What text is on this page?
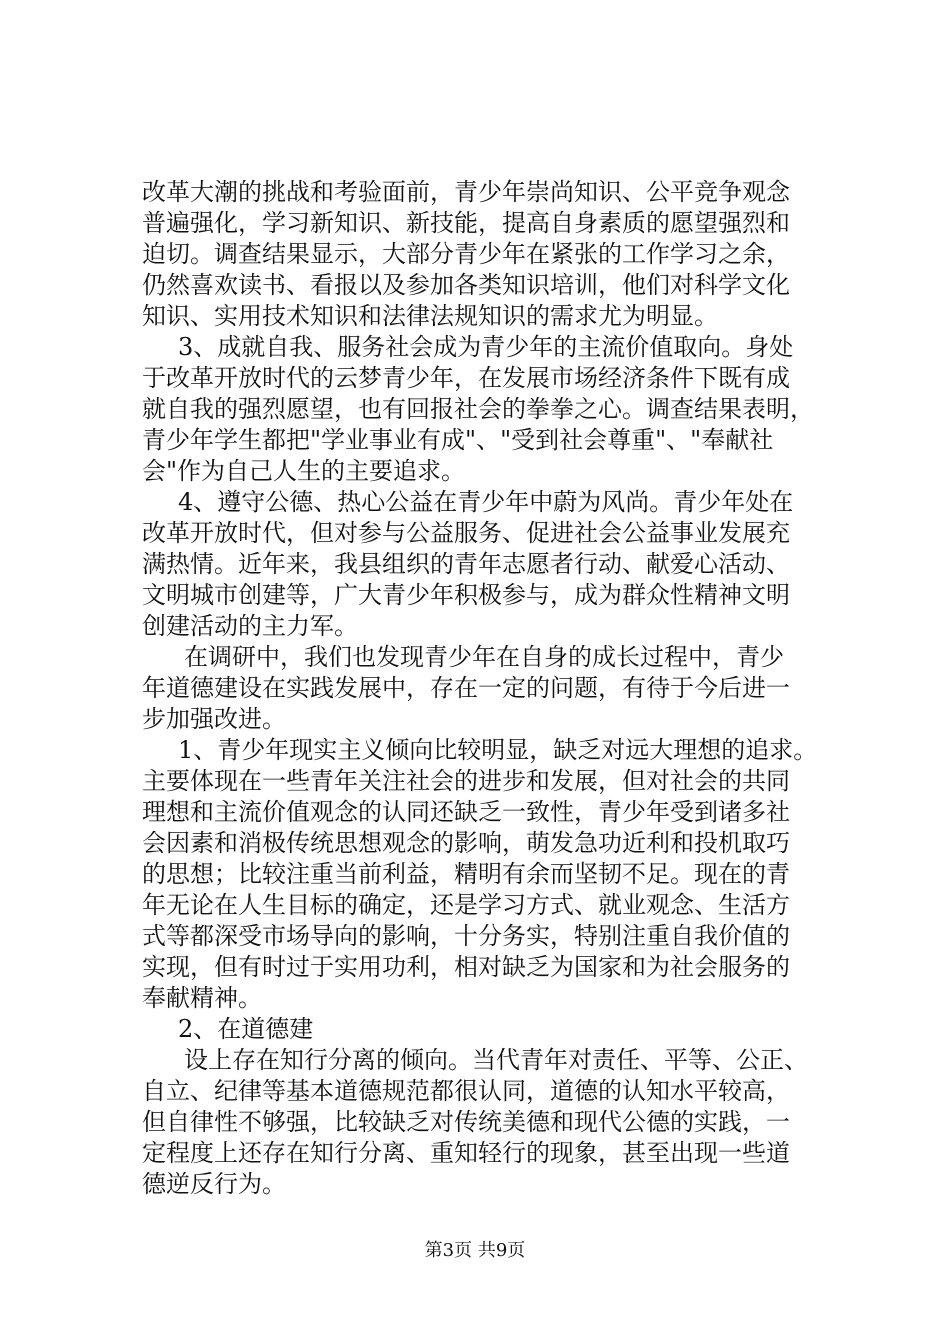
改革大潮的挑战和考验面前，青少年崇尚知识、公平竞争观念
普遍强化，学习新知识、新技能，提高自身素质的愿望强烈和
迫切。调查结果显示，大部分青少年在紧张的工作学习之余，
仍然喜欢读书、看报以及参加各类知识培训，他们对科学文化
知识、实用技术知识和法律法规知识的需求尤为明显。
3、成就自我、服务社会成为青少年的主流价值取向。身处
于改革开放时代的云梦青少年，在发展市场经济条件下既有成
就自我的强烈愿望，也有回报社会的拳拳之心。调查结果表明，
青少年学生都把"学业事业有成"、"受到社会尊重"、"奉献社
会"作为自己人生的主要追求。
4、遵守公德、热心公益在青少年中蔚为风尚。青少年处在
改革开放时代，但对参与公益服务、促进社会公益事业发展充
满热情。近年来，我县组织的青年志愿者行动、献爱心活动、
文明城市创建等，广大青少年积极参与，成为群众性精神文明
创建活动的主力军。
在调研中，我们也发现青少年在自身的成长过程中，青少
年道德建设在实践发展中，存在一定的问题，有待于今后进一
步加强改进。
1、青少年现实主义倾向比较明显，缺乏对远大理想的追求。
主要体现在一些青年关注社会的进步和发展，但对社会的共同
理想和主流价值观念的认同还缺乏一致性，青少年受到诸多社
会因素和消极传统思想观念的影响，萌发急功近利和投机取巧
的思想；比较注重当前利益，精明有余而坚韧不足。现在的青
年无论在人生目标的确定，还是学习方式、就业观念、生活方
式等都深受市场导向的影响，十分务实，特别注重自我价值的
实现，但有时过于实用功利，相对缺乏为国家和为社会服务的
奉献精神。
2、在道德建
设上存在知行分离的倾向。当代青年对责任、平等、公正、
自立、纪律等基本道德规范都很认同，道德的认知水平较高，
但自律性不够强，比较缺乏对传统美德和现代公德的实践，一
定程度上还存在知行分离、重知轻行的现象，甚至出现一些道
德逆反行为。
第3页 共9页
